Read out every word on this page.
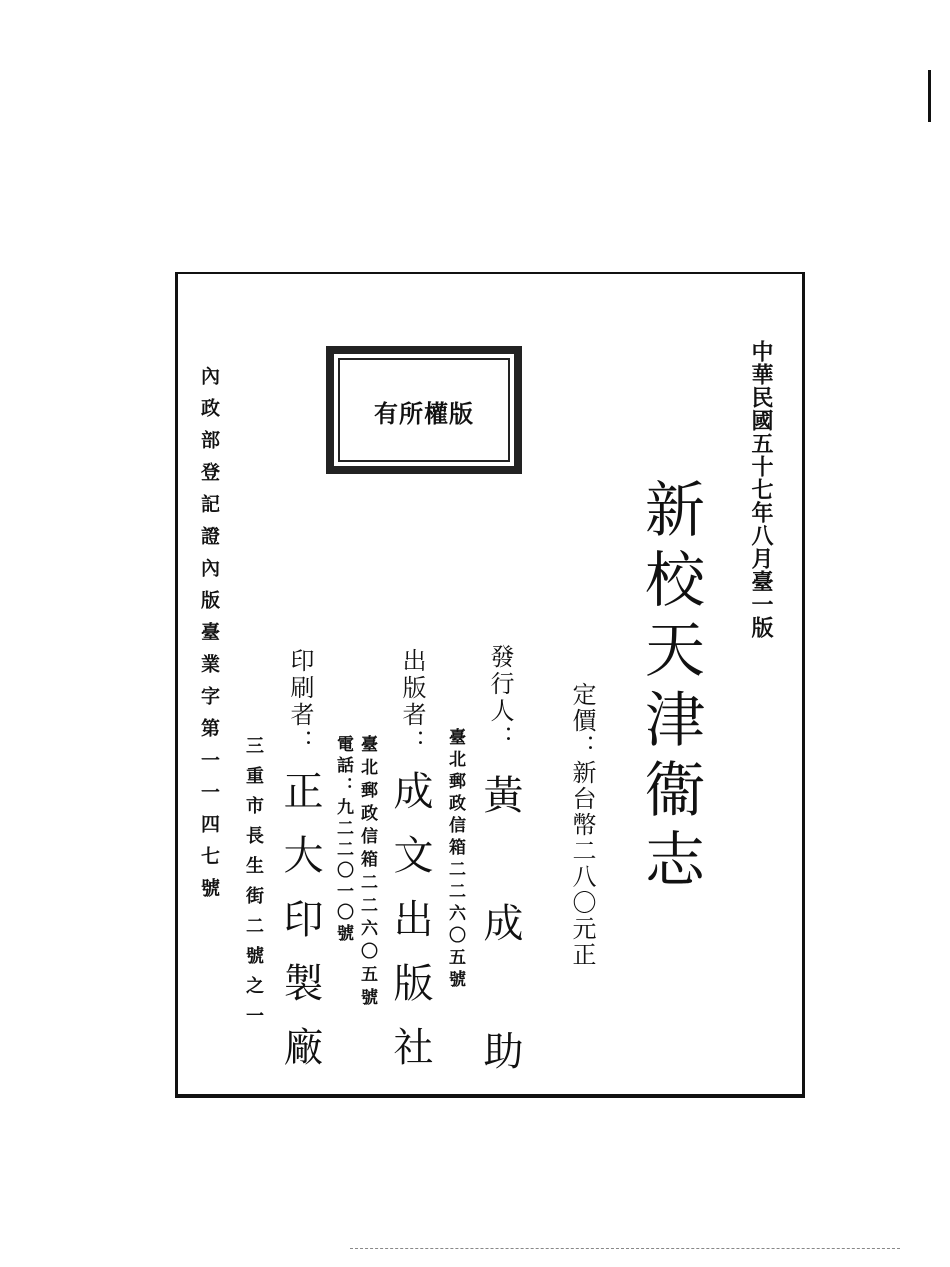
有所權版	中華民國五十七年八月臺一版
新校天津衞志
定價：新台幣二八〇元正
發行人：
黃成助
臺北郵政信箱二二六〇五號
出版者：
成文出版社
臺北郵政信箱二二六〇五號
電話：九二二〇一〇號
印刷者：
正大印製廠
三重市長生街二號之一
內政部登記證內版臺業字第一一四七號
